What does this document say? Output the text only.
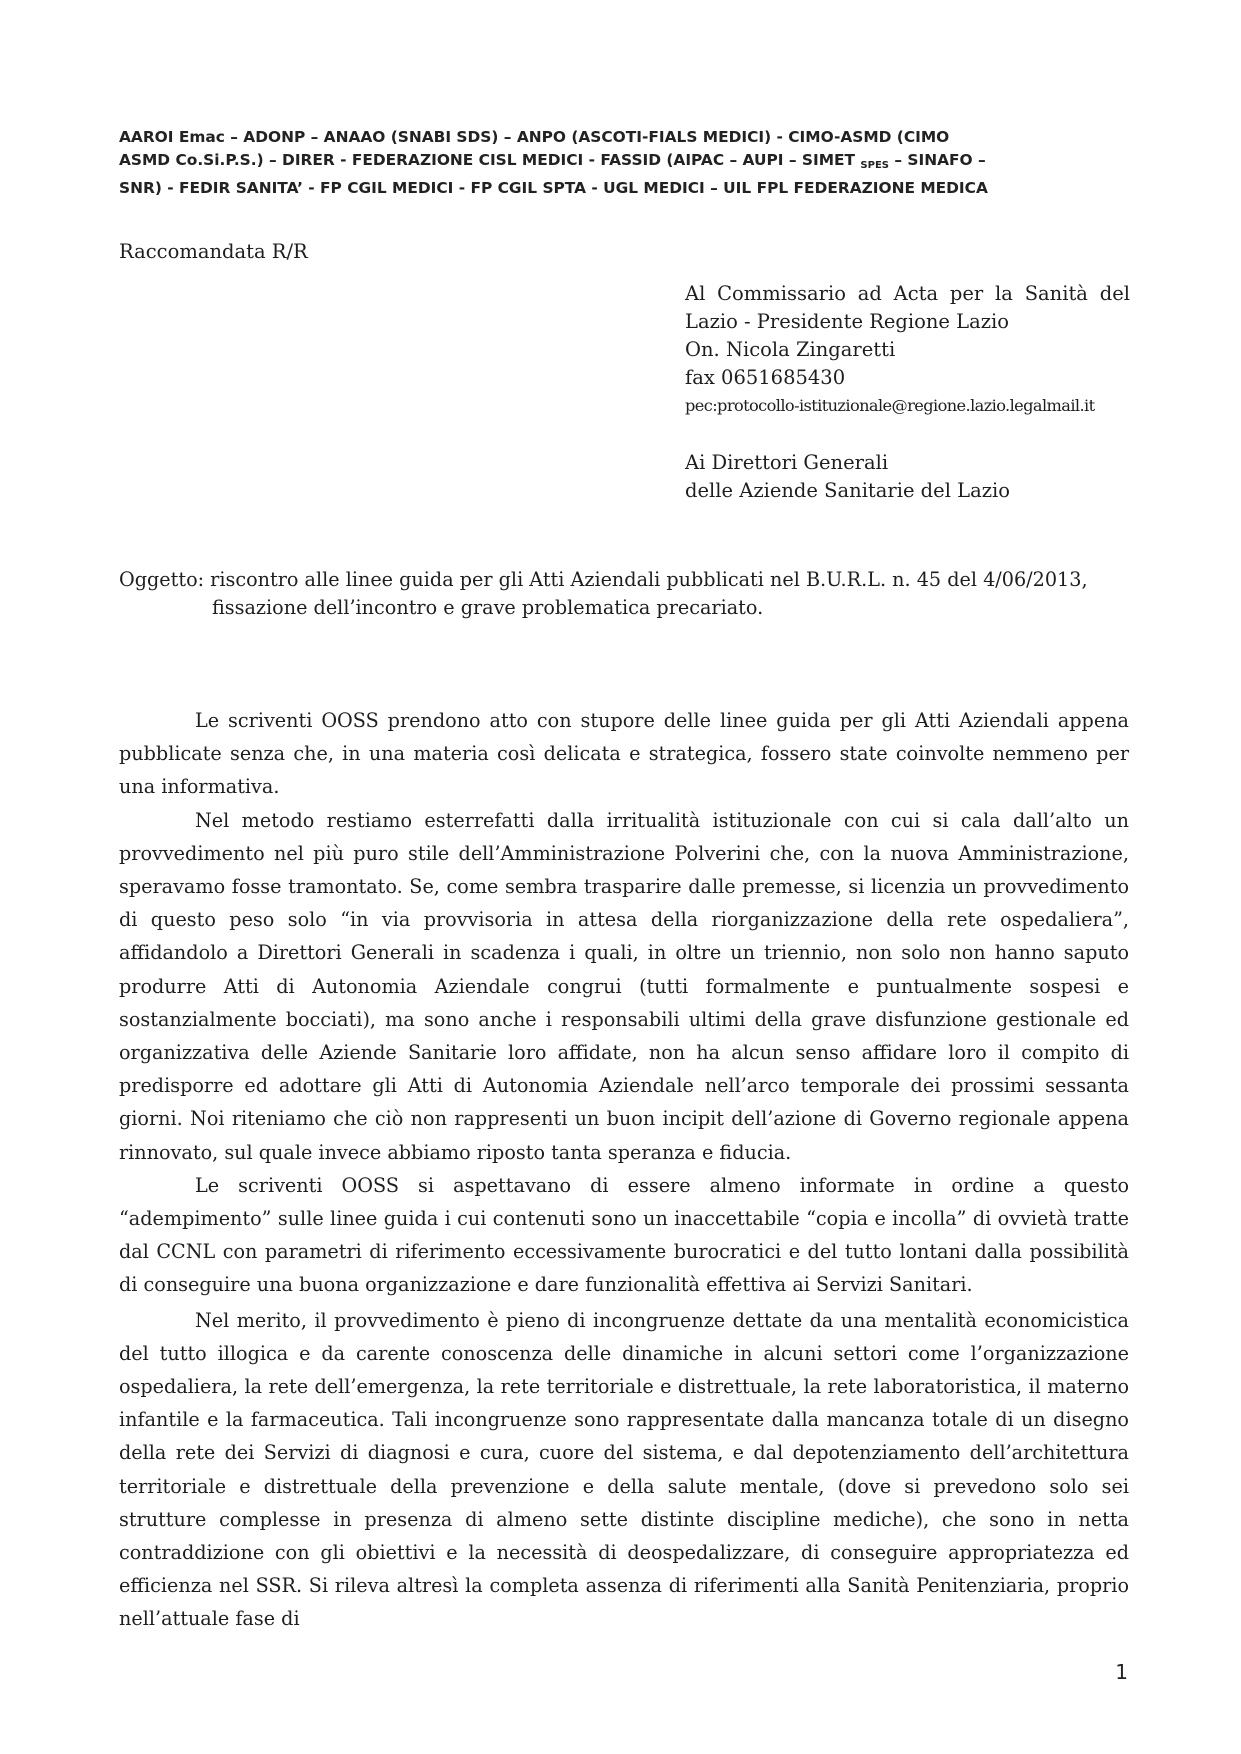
AAROI Emac – ADONP – ANAAO (SNABI SDS) – ANPO (ASCOTI-FIALS MEDICI) - CIMO-ASMD (CIMO
ASMD Co.Si.P.S.) – DIRER - FEDERAZIONE CISL MEDICI - FASSID (AIPAC – AUPI – SIMET $_{SPES}$ – SINAFO –
SNR) - FEDIR SANITA’ - FP CGIL MEDICI - FP CGIL SPTA - UGL MEDICI – UIL FPL FEDERAZIONE MEDICA
Raccomandata R/R
Al Commissario ad Acta per la Sanità del
Lazio - Presidente Regione Lazio
On. Nicola Zingaretti
fax 0651685430
pec:protocollo-istituzionale@regione.lazio.legalmail.it
Ai Direttori Generali
delle Aziende Sanitarie del Lazio
Oggetto: riscontro alle linee guida per gli Atti Aziendali pubblicati nel B.U.R.L. n. 45 del 4/06/2013,
fissazione dell’incontro e grave problematica precariato.

Le scriventi OOSS prendono atto con stupore delle linee guida per gli Atti Aziendali appena pubblicate senza che, in una materia così delicata e strategica, fossero state coinvolte nemmeno per una informativa.

Nel metodo restiamo esterrefatti dalla irritualità istituzionale con cui si cala dall’alto un provvedimento nel più puro stile dell’Amministrazione Polverini che, con la nuova Amministrazione, speravamo fosse tramontato. Se, come sembra trasparire dalle premesse, si licenzia un provvedimento di questo peso solo “in via provvisoria in attesa della riorganizzazione della rete ospedaliera”, affidandolo a Direttori Generali in scadenza i quali, in oltre un triennio, non solo non hanno saputo produrre Atti di Autonomia Aziendale congrui (tutti formalmente e puntualmente sospesi e sostanzialmente bocciati), ma sono anche i responsabili ultimi della grave disfunzione gestionale ed organizzativa delle Aziende Sanitarie loro affidate, non ha alcun senso affidare loro il compito di predisporre ed adottare gli Atti di Autonomia Aziendale nell’arco temporale dei prossimi sessanta giorni. Noi riteniamo che ciò non rappresenti un buon incipit dell’azione di Governo regionale appena rinnovato, sul quale invece abbiamo riposto tanta speranza e fiducia.

Le scriventi OOSS si aspettavano di essere almeno informate in ordine a questo “adempimento” sulle linee guida i cui contenuti sono un inaccettabile “copia e incolla” di ovvietà tratte dal CCNL con parametri di riferimento eccessivamente burocratici e del tutto lontani dalla possibilità di conseguire una buona organizzazione e dare funzionalità effettiva ai Servizi Sanitari.

Nel merito, il provvedimento è pieno di incongruenze dettate da una mentalità economicistica del tutto illogica e da carente conoscenza delle dinamiche in alcuni settori come l’organizzazione ospedaliera, la rete dell’emergenza, la rete territoriale e distrettuale, la rete laboratoristica, il materno infantile e la farmaceutica. Tali incongruenze sono rappresentate dalla mancanza totale di un disegno della rete dei Servizi di diagnosi e cura, cuore del sistema, e dal depotenziamento dell’architettura territoriale e distrettuale della prevenzione e della salute mentale, (dove si prevedono solo sei strutture complesse in presenza di almeno sette distinte discipline mediche), che sono in netta contraddizione con gli obiettivi e la necessità di deospedalizzare, di conseguire appropriatezza ed efficienza nel SSR. Si rileva altresì la completa assenza di riferimenti alla Sanità Penitenziaria, proprio nell’attuale fase di

1
